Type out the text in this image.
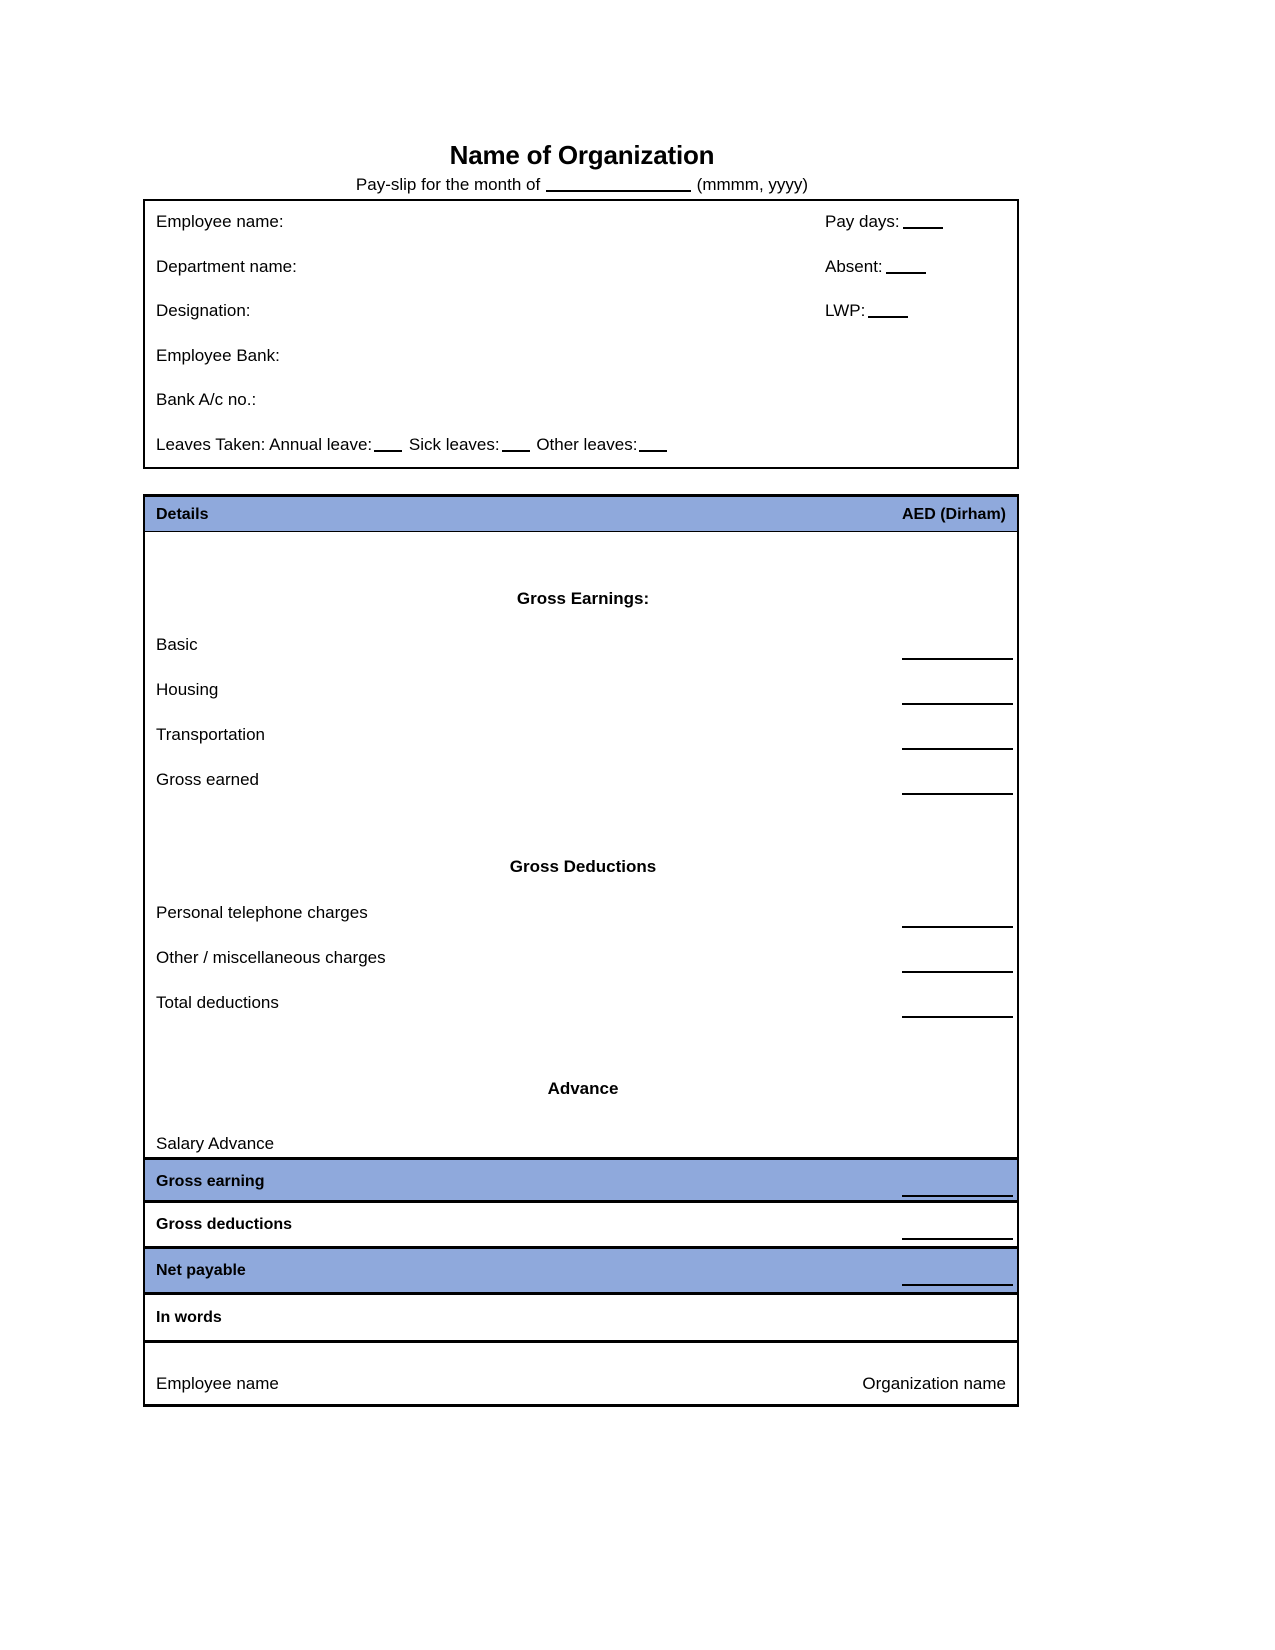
Name of Organization
Pay-slip for the month of	(mmmm, yyyy)
Employee name:	Pay days:
Department name:	Absent:
Designation:	LWP:
Employee Bank:
Bank A/c no.:
Leaves Taken: Annual leave: Sick leaves: Other leaves:
Details	AED (Dirham)
Gross Earnings:
Basic
Housing
Transportation
Gross earned
Gross Deductions
Personal telephone charges
Other / miscellaneous charges
Total deductions
Advance
Salary Advance
Gross earning
Gross deductions
Net payable
In words
Employee name	Organization name
